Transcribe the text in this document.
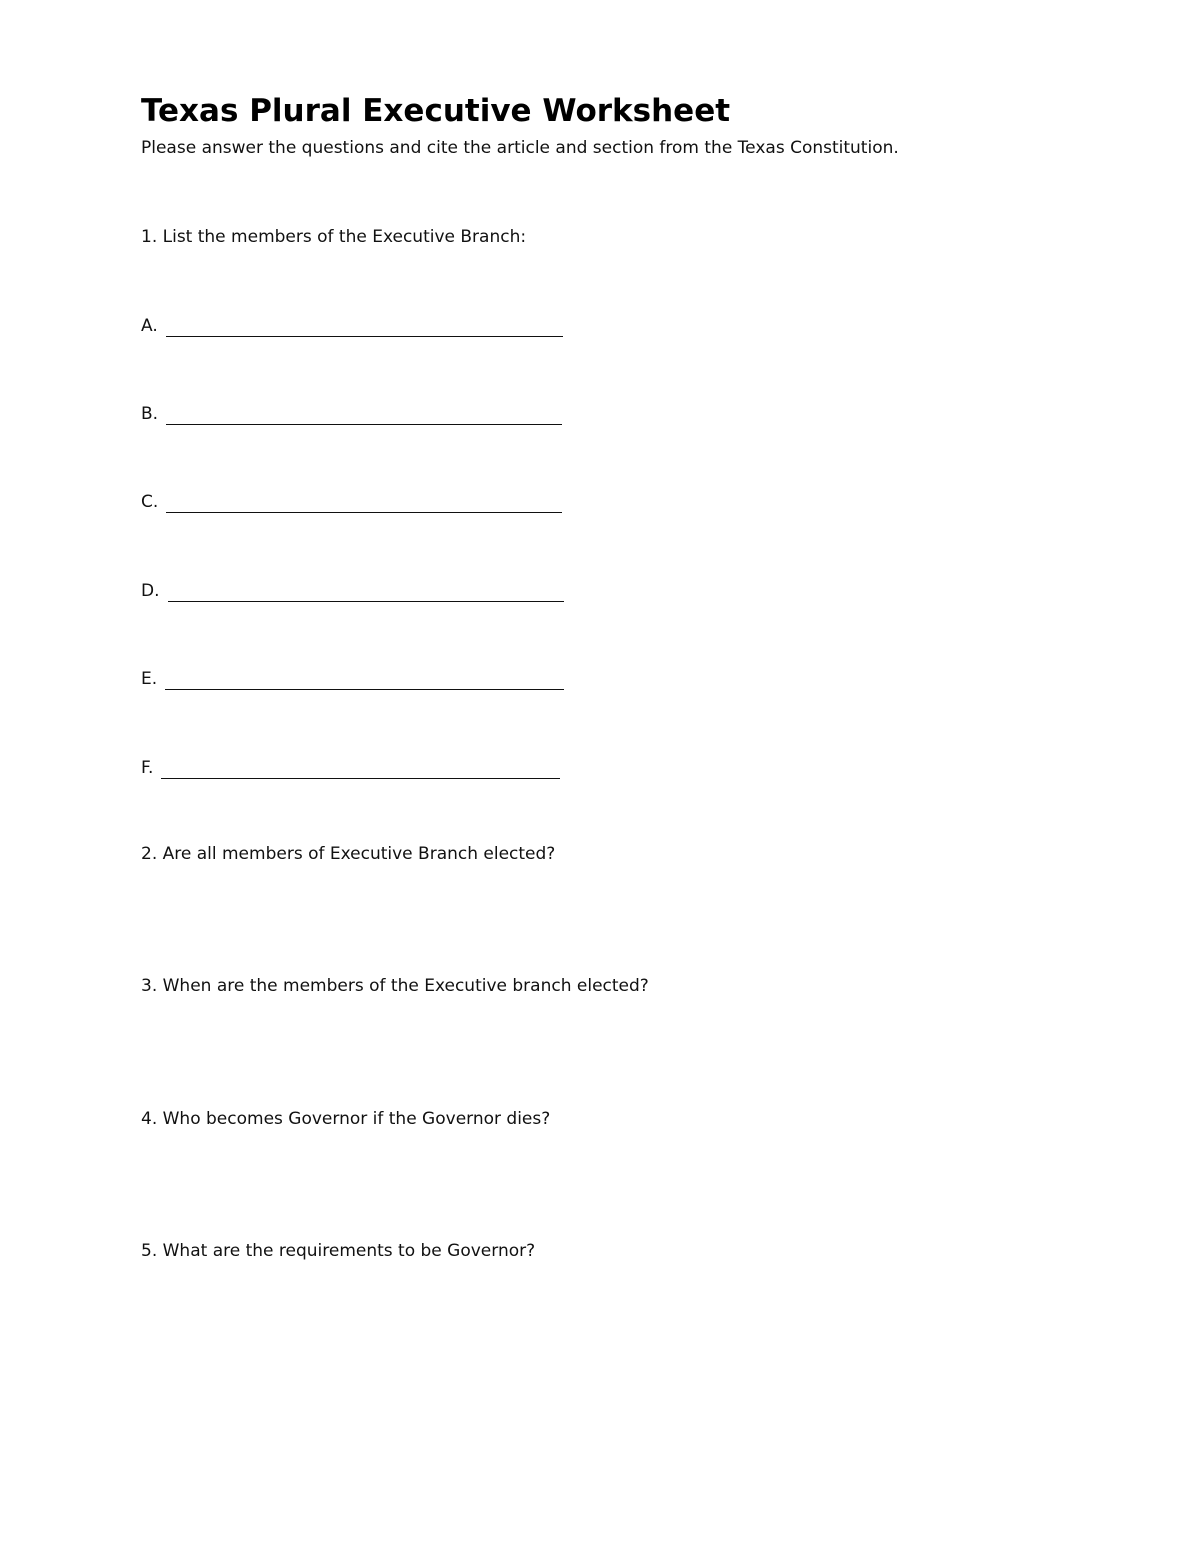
Texas Plural Executive Worksheet
Please answer the questions and cite the article and section from the Texas Constitution.
1. List the members of the Executive Branch:
A.
B.
C.
D.
E.
F.
2. Are all members of Executive Branch elected?
3. When are the members of the Executive branch elected?
4. Who becomes Governor if the Governor dies?
5. What are the requirements to be Governor?
